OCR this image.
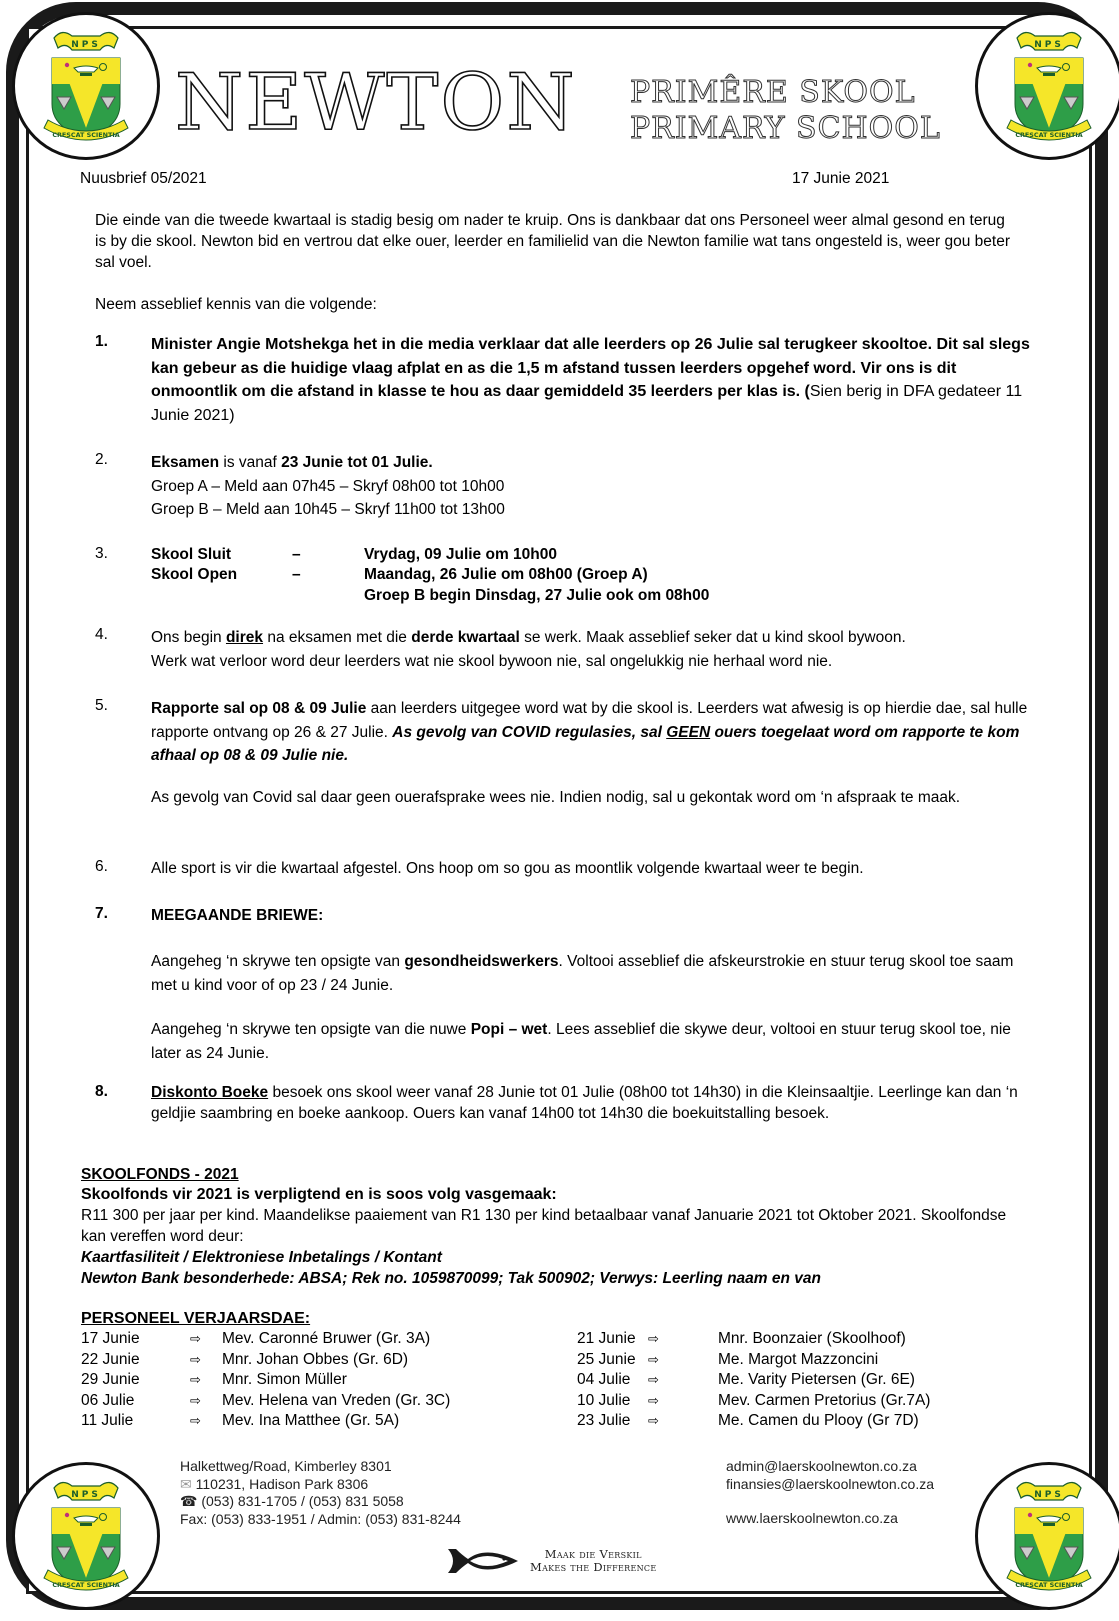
NPS
CRESCAT SCIENTIA
NPS
CRESCAT SCIENTIA
NPS
CRESCAT SCIENTIA
NPS
CRESCAT SCIENTIA
NEWTON PRIMÊRE SKOOL
PRIMARY SCHOOL
Nuusbrief 05/2021	17 Junie 2021
Die einde van die tweede kwartaal is stadig besig om nader te kruip. Ons is dankbaar dat ons Personeel weer almal gesond en terug is by die skool. Newton bid en vertrou dat elke ouer, leerder en familielid van die Newton familie wat tans ongesteld is, weer gou beter sal voel.
Neem asseblief kennis van die volgende:
1.	Minister Angie Motshekga het in die media verklaar dat alle leerders op 26 Julie sal terugkeer skooltoe. Dit sal slegs kan gebeur as die huidige vlaag afplat en as die 1,5 m afstand tussen leerders opgehef word. Vir ons is dit onmoontlik om die afstand in klasse te hou as daar gemiddeld 35 leerders per klas is. (Sien berig in DFA gedateer 11 Junie 2021)
2.	Eksamen is vanaf 23 Junie tot 01 Julie.
Groep A – Meld aan 07h45 – Skryf 08h00 tot 10h00
Groep B – Meld aan 10h45 – Skryf 11h00 tot 13h00
3.	Skool Sluit	–	Vrydag, 09 Julie om 10h00
Skool Open	–	Maandag, 26 Julie om 08h00 (Groep A)
Groep B begin Dinsdag, 27 Julie ook om 08h00
4.	Ons begin direk na eksamen met die derde kwartaal se werk. Maak asseblief seker dat u kind skool bywoon.
Werk wat verloor word deur leerders wat nie skool bywoon nie, sal ongelukkig nie herhaal word nie.
5.	Rapporte sal op 08 & 09 Julie aan leerders uitgegee word wat by die skool is. Leerders wat afwesig is op hierdie dae, sal hulle rapporte ontvang op 26 & 27 Julie. As gevolg van COVID regulasies, sal GEEN ouers toegelaat word om rapporte te kom afhaal op 08 & 09 Julie nie.
As gevolg van Covid sal daar geen ouerafsprake wees nie. Indien nodig, sal u gekontak word om ‘n afspraak te maak.
6.	Alle sport is vir die kwartaal afgestel. Ons hoop om so gou as moontlik volgende kwartaal weer te begin.
7.	MEEGAANDE BRIEWE:
Aangeheg ‘n skrywe ten opsigte van gesondheidswerkers. Voltooi asseblief die afskeurstrokie en stuur terug skool toe saam met u kind voor of op 23 / 24 Junie.
Aangeheg ‘n skrywe ten opsigte van die nuwe Popi – wet. Lees asseblief die skywe deur, voltooi en stuur terug skool toe, nie later as 24 Junie.
8.	Diskonto Boeke besoek ons skool weer vanaf 28 Junie tot 01 Julie (08h00 tot 14h30) in die Kleinsaaltjie. Leerlinge kan dan ‘n geldjie saambring en boeke aankoop. Ouers kan vanaf 14h00 tot 14h30 die boekuitstalling besoek.
SKOOLFONDS - 2021
Skoolfonds vir 2021 is verpligtend en is soos volg vasgemaak:
R11 300 per jaar per kind. Maandelikse paaiement van R1 130 per kind betaalbaar vanaf Januarie 2021 tot Oktober 2021. Skoolfondse kan vereffen word deur:
Kaartfasiliteit / Elektroniese Inbetalings / Kontant
Newton Bank besonderhede: ABSA; Rek no. 1059870099; Tak 500902; Verwys: Leerling naam en van
PERSONEEL VERJAARSDAE:
17 Junie	⇨ Mev. Caronné Bruwer (Gr. 3A)
22 Junie	⇨ Mnr. Johan Obbes (Gr. 6D)
29 Junie	⇨ Mnr. Simon Müller
06 Julie	⇨ Mev. Helena van Vreden (Gr. 3C)
11 Julie	⇨ Mev. Ina Matthee (Gr. 5A)
21 Junie ⇨	Mnr. Boonzaier (Skoolhoof)
25 Junie ⇨	Me. Margot Mazzoncini
04 Julie ⇨	Me. Varity Pietersen (Gr. 6E)
10 Julie ⇨	Mev. Carmen Pretorius (Gr.7A)
23 Julie ⇨	Me. Camen du Plooy (Gr 7D)
Halkettweg/Road, Kimberley 8301
✉ 110231, Hadison Park 8306
☎ (053) 831-1705 / (053) 831 5058
Fax: (053) 833-1951 / Admin: (053) 831-8244
admin@laerskoolnewton.co.za
finansies@laerskoolnewton.co.za
www.laerskoolnewton.co.za
Maak die Verskil
Makes the Difference
